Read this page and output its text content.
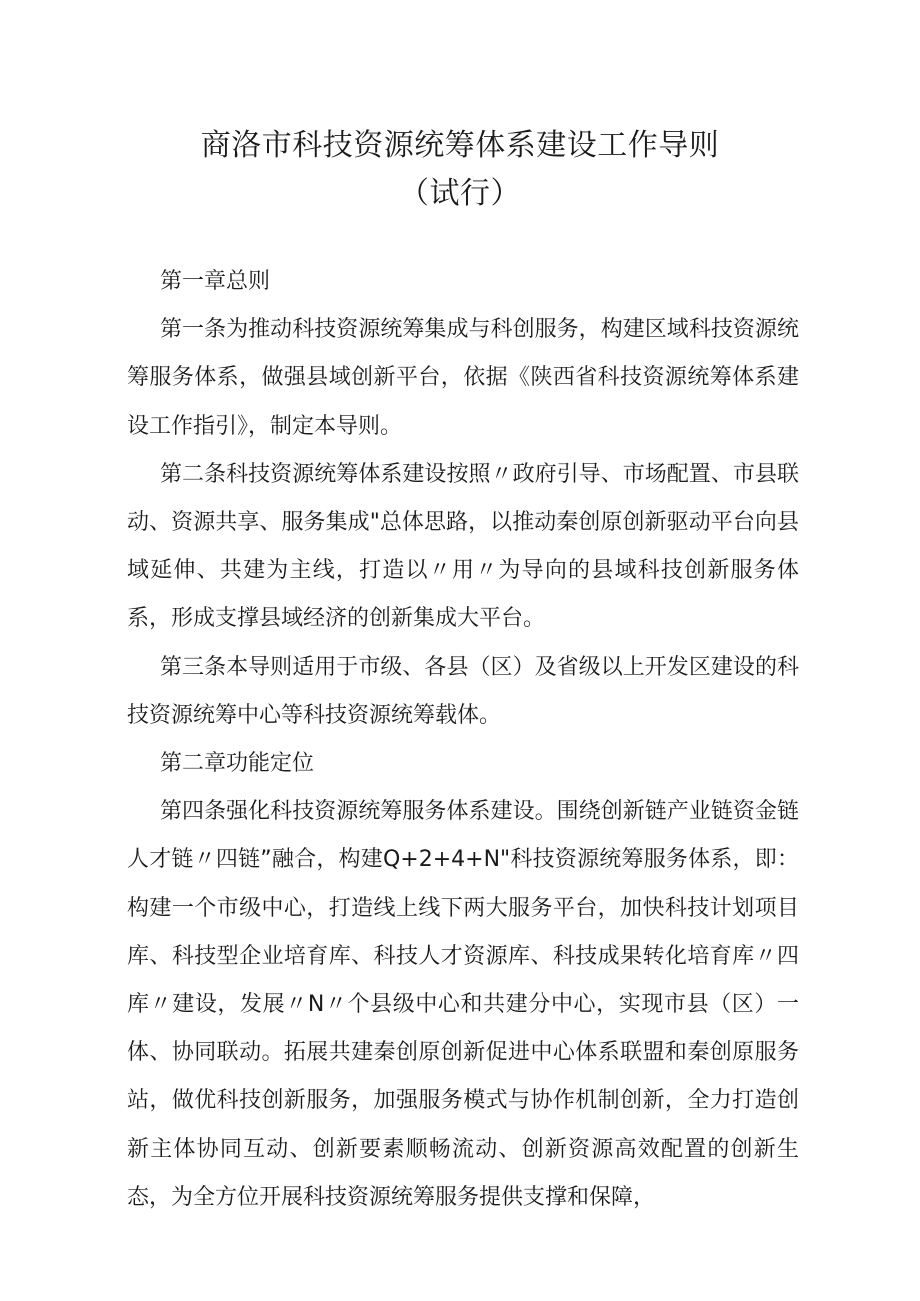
商洛市科技资源统筹体系建设工作导则
（试行）

第一章总则

第一条为推动科技资源统筹集成与科创服务，构建区域科技资源统筹服务体系，做强县域创新平台，依据《陕西省科技资源统筹体系建设工作指引》，制定本导则。

第二条科技资源统筹体系建设按照〃政府引导、市场配置、市县联动、资源共享、服务集成"总体思路，以推动秦创原创新驱动平台向县域延伸、共建为主线，打造以〃用〃为导向的县域科技创新服务体系，形成支撑县域经济的创新集成大平台。

第三条本导则适用于市级、各县（区）及省级以上开发区建设的科技资源统筹中心等科技资源统筹载体。

第二章功能定位

第四条强化科技资源统筹服务体系建设。围绕创新链产业链资金链人才链〃四链”融合，构建Q+2+4+N"科技资源统筹服务体系，即：构建一个市级中心，打造线上线下两大服务平台，加快科技计划项目库、科技型企业培育库、科技人才资源库、科技成果转化培育库〃四库〃建设，发展〃N〃个县级中心和共建分中心，实现市县（区）一体、协同联动。拓展共建秦创原创新促进中心体系联盟和秦创原服务站，做优科技创新服务，加强服务模式与协作机制创新，全力打造创新主体协同互动、创新要素顺畅流动、创新资源高效配置的创新生态，为全方位开展科技资源统筹服务提供支撑和保障，
